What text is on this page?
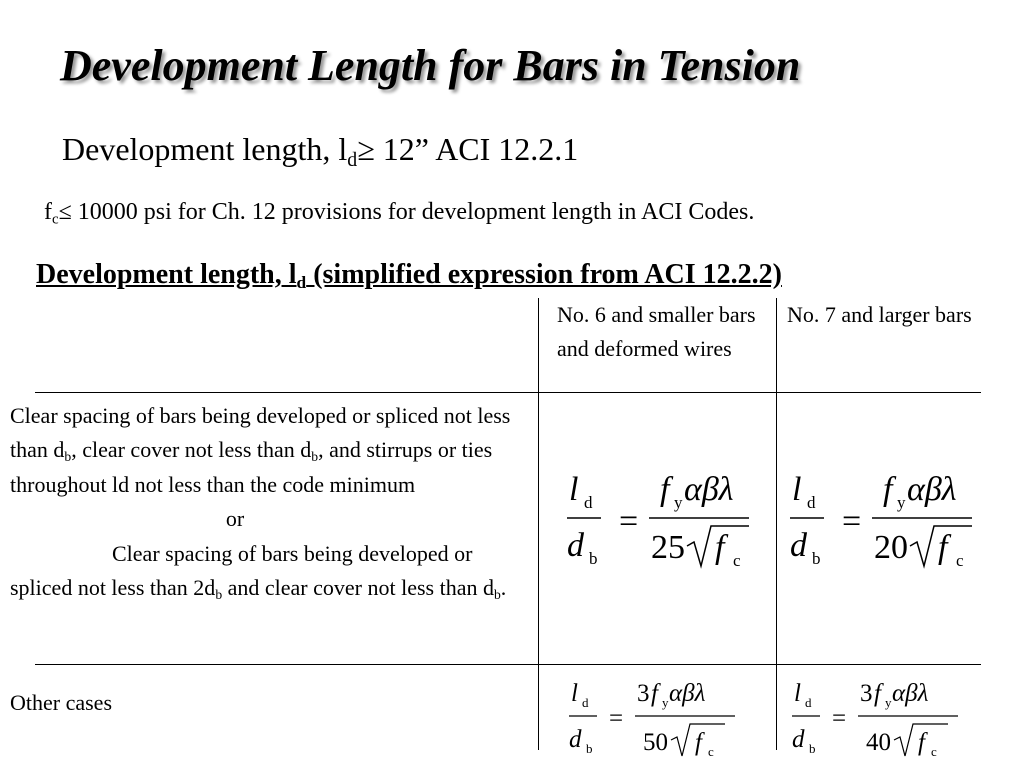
Development Length for Bars in Tension
Development length, $l_d\ge 12$” ACI 12.2.1
$f_c\le 10000$ psi for Ch. 12 provisions for development length in ACI Codes.
Development length, $l_d$ (simplified expression from ACI 12.2.2)
No. 6 and smaller bars and deformed wires
No. 7 and larger bars
Clear spacing of bars being developed or spliced not less than $d_b$, clear cover not less than $d_b$, and stirrups or ties throughout ld not less than the code minimum
or
Clear spacing of bars being developed or spliced not less than $2d_b$ and clear cover not less than $d_b$.
Other cases
l d
d b
=
f y αβλ
25 f c
l d
d b
=
f y αβλ
20 f c
l d
d b
=
3 f y αβλ
50 f c
l d
d b
=
3 f y αβλ
40 f c
